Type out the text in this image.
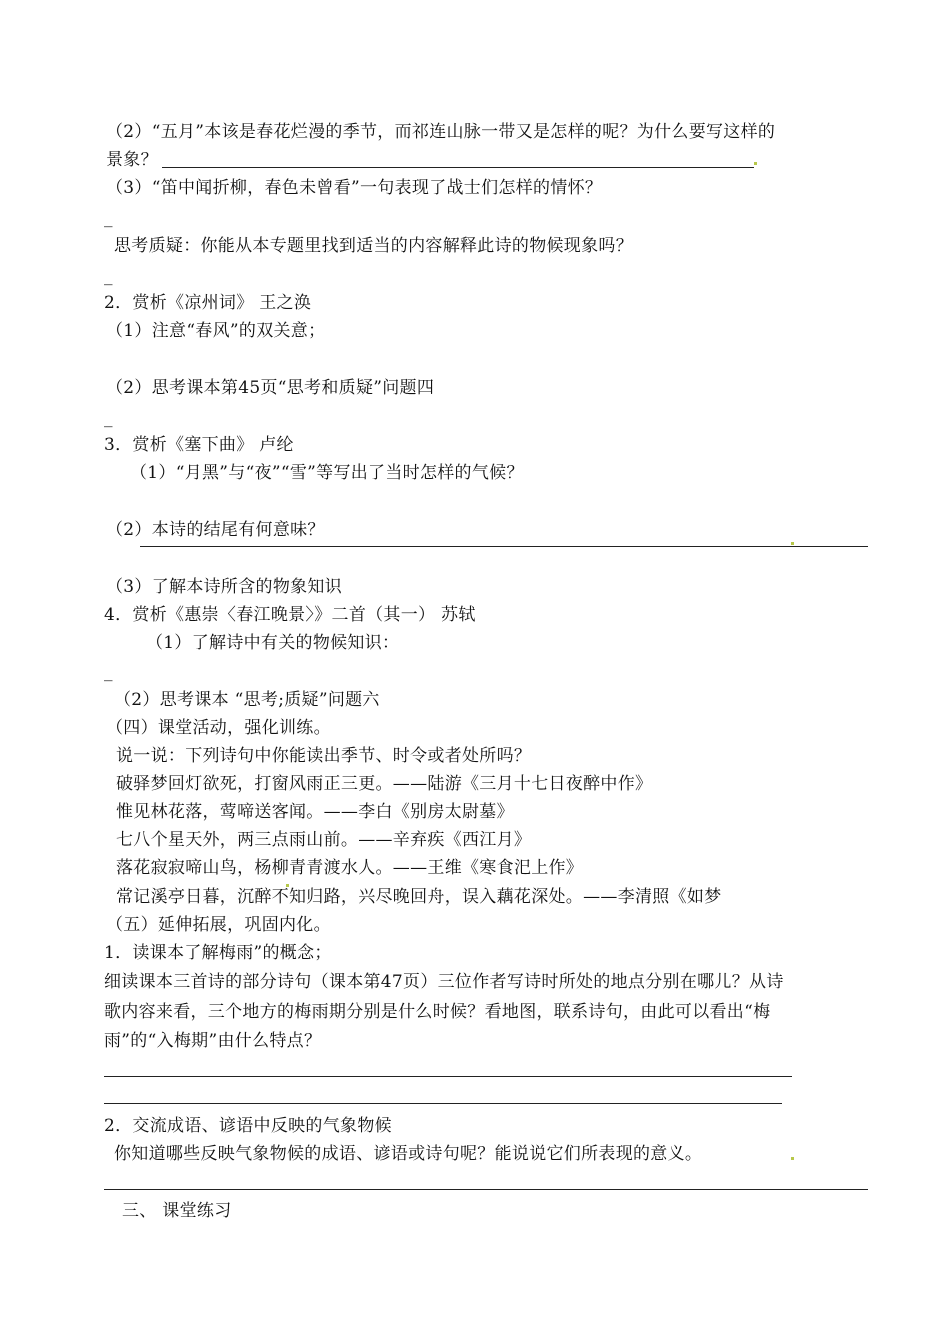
（2）“五月”本该是春花烂漫的季节，而祁连山脉一带又是怎样的呢？为什么要写这样的
景象？
（3）“笛中闻折柳，春色未曾看”一句表现了战士们怎样的情怀？
_
思考质疑：你能从本专题里找到适当的内容解释此诗的物候现象吗？
_
2．赏析《凉州词》 王之涣
（1）注意“春风”的双关意；
（2）思考课本第45页“思考和质疑”问题四
_
3．赏析《塞下曲》 卢纶
（1）“月黑”与“夜”“雪”等写出了当时怎样的气候？
（2）本诗的结尾有何意味？
（3）了解本诗所含的物象知识
4．赏析《惠崇〈春江晚景〉》二首（其一） 苏轼
（1）了解诗中有关的物候知识：
_
（2）思考课本 “思考;质疑”问题六
（四）课堂活动，强化训练。
说一说：下列诗句中你能读出季节、时令或者处所吗？
破驿梦回灯欲死，打窗风雨正三更。——陆游《三月十七日夜醉中作》
惟见林花落，莺啼送客闻。——李白《别房太尉墓》
七八个星天外，两三点雨山前。——辛弃疾《西江月》
落花寂寂啼山鸟，杨柳青青渡水人。——王维《寒食汜上作》
常记溪亭日暮，沉醉不知归路，兴尽晚回舟，误入藕花深处。——李清照《如梦
（五）延伸拓展，巩固内化。
1．读课本了解梅雨”的概念；
细读课本三首诗的部分诗句（课本第47页）三位作者写诗时所处的地点分别在哪儿？从诗
歌内容来看，三个地方的梅雨期分别是什么时候？看地图，联系诗句，由此可以看出“梅
雨”的“入梅期”由什么特点？
2．交流成语、谚语中反映的气象物候
你知道哪些反映气象物候的成语、谚语或诗句呢？能说说它们所表现的意义。
三、 课堂练习
